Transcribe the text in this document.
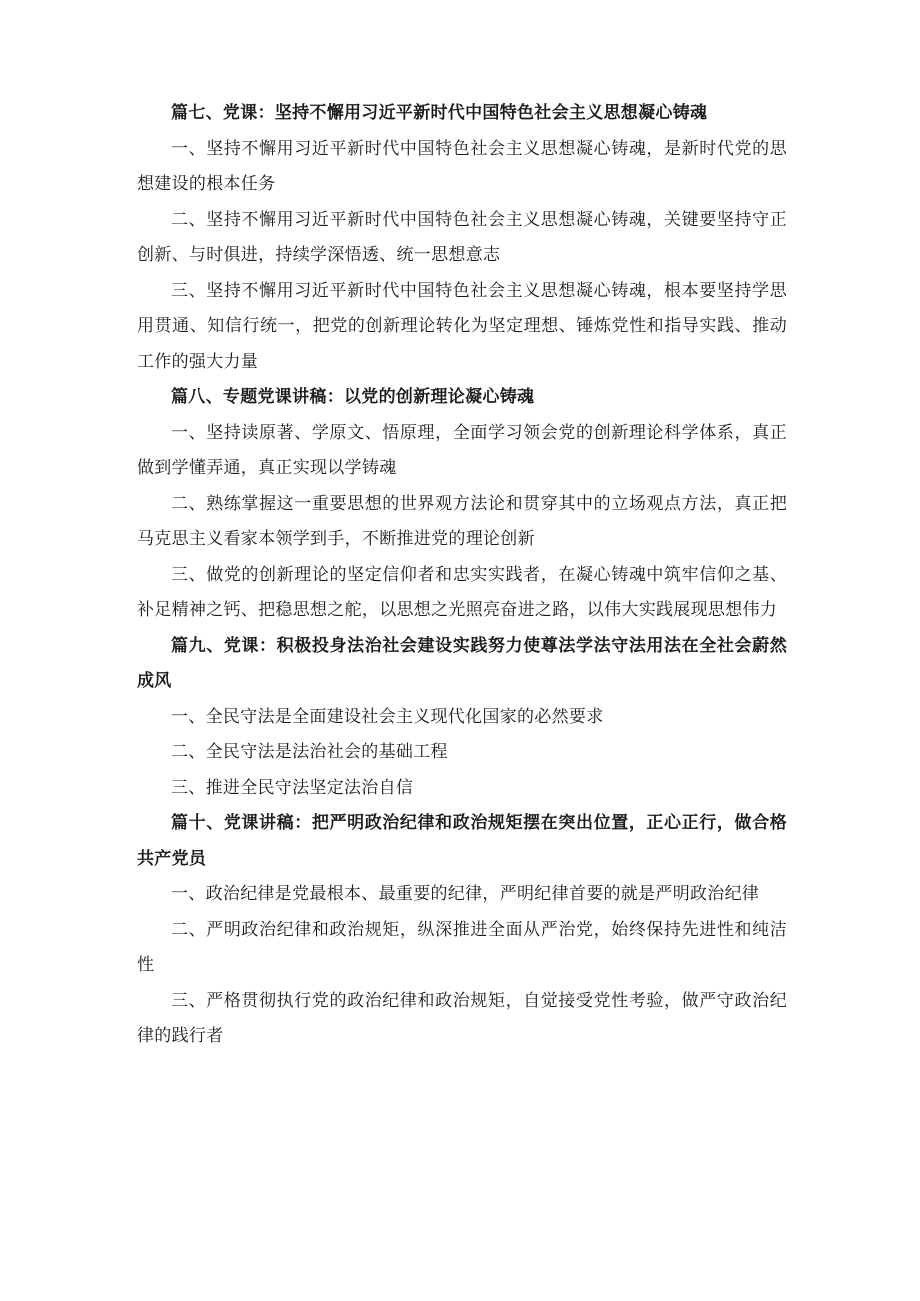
篇七、党课：坚持不懈用习近平新时代中国特色社会主义思想凝心铸魂

一、坚持不懈用习近平新时代中国特色社会主义思想凝心铸魂，是新时代党的思想建设的根本任务

二、坚持不懈用习近平新时代中国特色社会主义思想凝心铸魂，关键要坚持守正创新、与时俱进，持续学深悟透、统一思想意志

三、坚持不懈用习近平新时代中国特色社会主义思想凝心铸魂，根本要坚持学思用贯通、知信行统一，把党的创新理论转化为坚定理想、锤炼党性和指导实践、推动工作的强大力量

篇八、专题党课讲稿：以党的创新理论凝心铸魂

一、坚持读原著、学原文、悟原理，全面学习领会党的创新理论科学体系，真正做到学懂弄通，真正实现以学铸魂

二、熟练掌握这一重要思想的世界观方法论和贯穿其中的立场观点方法，真正把马克思主义看家本领学到手，不断推进党的理论创新

三、做党的创新理论的坚定信仰者和忠实实践者，在凝心铸魂中筑牢信仰之基、补足精神之钙、把稳思想之舵，以思想之光照亮奋进之路，以伟大实践展现思想伟力

篇九、党课：积极投身法治社会建设实践努力使尊法学法守法用法在全社会蔚然成风

一、全民守法是全面建设社会主义现代化国家的必然要求

二、全民守法是法治社会的基础工程

三、推进全民守法坚定法治自信

篇十、党课讲稿：把严明政治纪律和政治规矩摆在突出位置，正心正行，做合格共产党员

一、政治纪律是党最根本、最重要的纪律，严明纪律首要的就是严明政治纪律

二、严明政治纪律和政治规矩，纵深推进全面从严治党，始终保持先进性和纯洁性

三、严格贯彻执行党的政治纪律和政治规矩，自觉接受党性考验，做严守政治纪律的践行者
